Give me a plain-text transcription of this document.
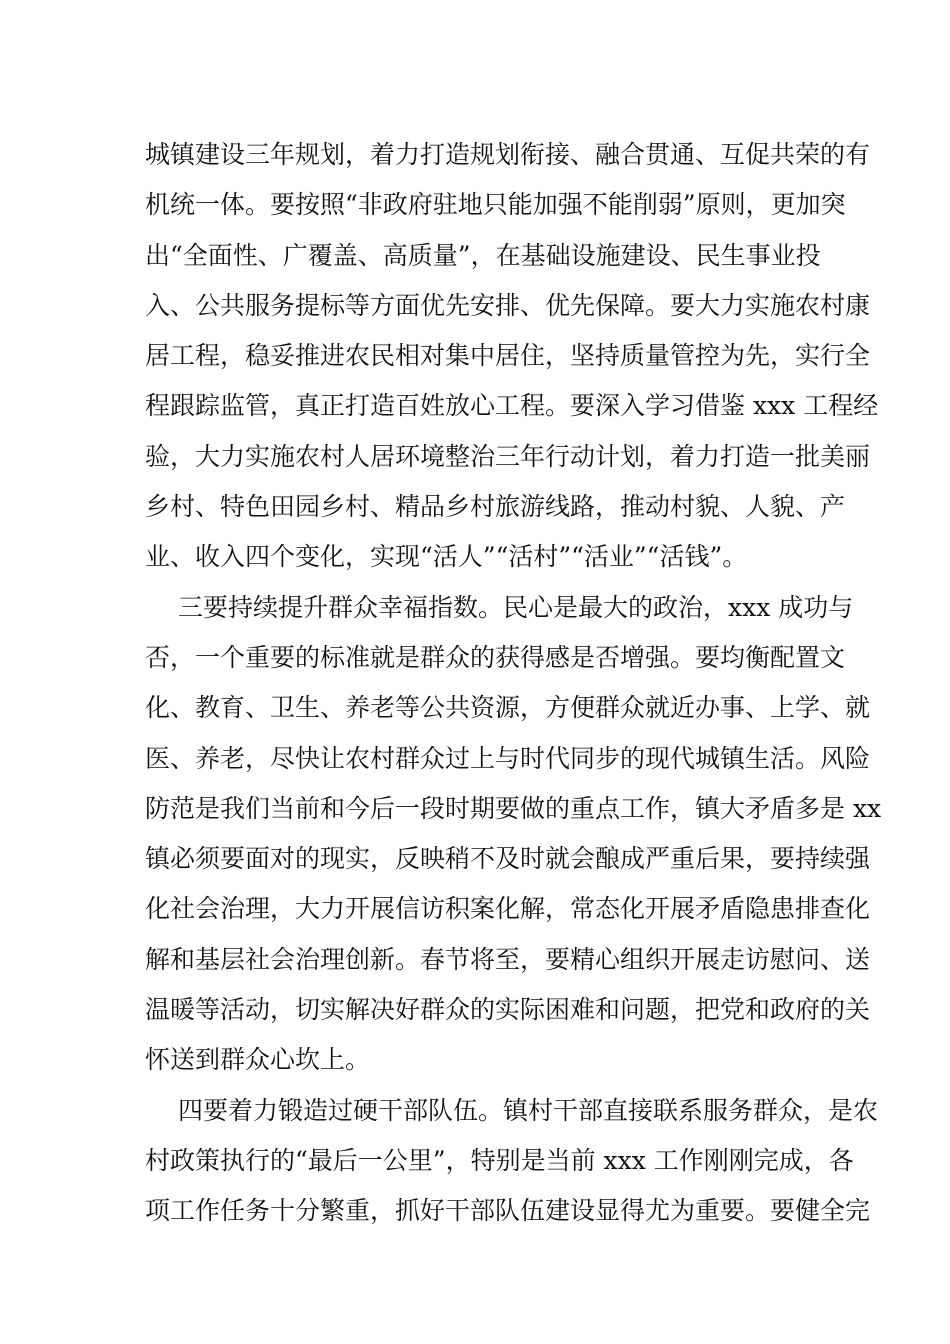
城镇建设三年规划，着力打造规划衔接、融合贯通、互促共荣的有
机统一体。要按照“非政府驻地只能加强不能削弱”原则，更加突
出“全面性、广覆盖、高质量”，在基础设施建设、民生事业投
入、公共服务提标等方面优先安排、优先保障。要大力实施农村康
居工程，稳妥推进农民相对集中居住，坚持质量管控为先，实行全
程跟踪监管，真正打造百姓放心工程。要深入学习借鉴 xxx 工程经
验，大力实施农村人居环境整治三年行动计划，着力打造一批美丽
乡村、特色田园乡村、精品乡村旅游线路，推动村貌、人貌、产
业、收入四个变化，实现“活人”“活村”“活业”“活钱”。
三要持续提升群众幸福指数。民心是最大的政治，xxx 成功与
否，一个重要的标准就是群众的获得感是否增强。要均衡配置文
化、教育、卫生、养老等公共资源，方便群众就近办事、上学、就
医、养老，尽快让农村群众过上与时代同步的现代城镇生活。风险
防范是我们当前和今后一段时期要做的重点工作，镇大矛盾多是 xx
镇必须要面对的现实，反映稍不及时就会酿成严重后果，要持续强
化社会治理，大力开展信访积案化解，常态化开展矛盾隐患排查化
解和基层社会治理创新。春节将至，要精心组织开展走访慰问、送
温暖等活动，切实解决好群众的实际困难和问题，把党和政府的关
怀送到群众心坎上。
四要着力锻造过硬干部队伍。镇村干部直接联系服务群众，是农
村政策执行的“最后一公里”，特别是当前 xxx 工作刚刚完成，各
项工作任务十分繁重，抓好干部队伍建设显得尤为重要。要健全完
